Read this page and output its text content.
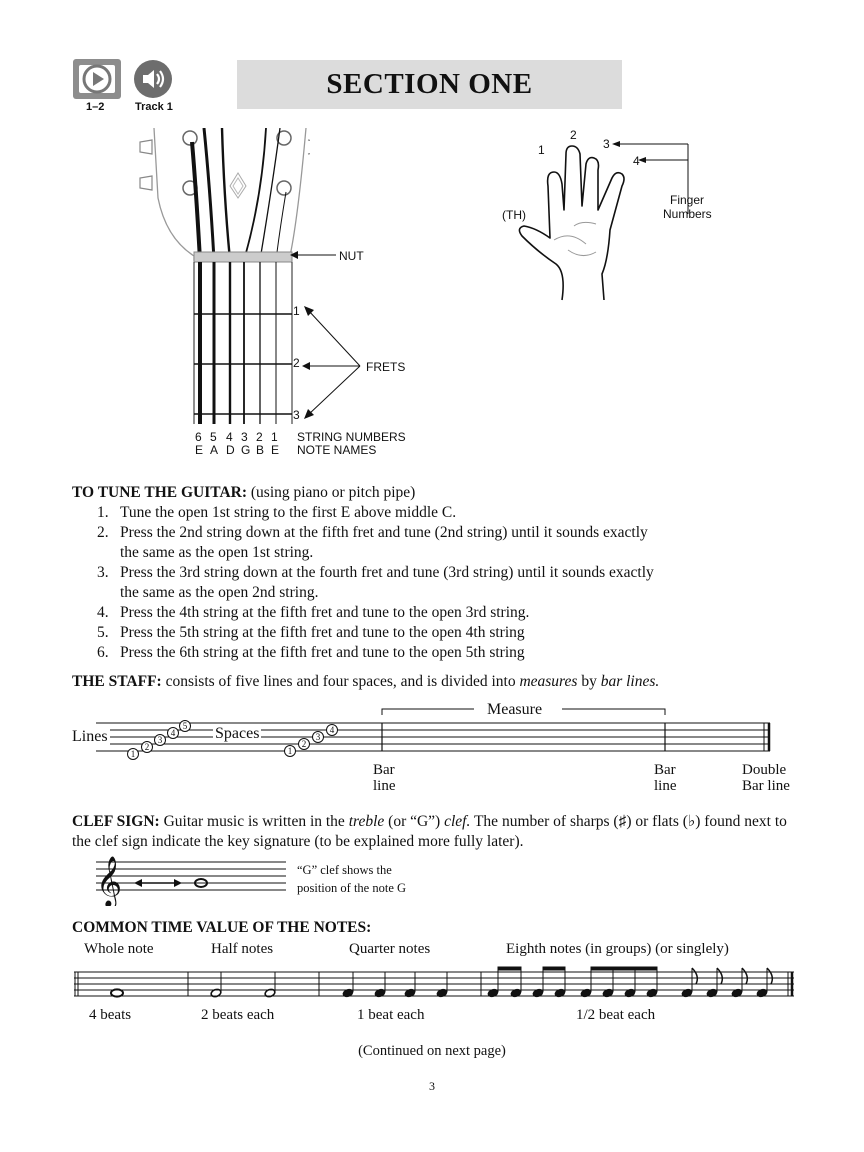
1–2	Track 1
SECTION ONE
NUT
1
2
3
FRETS
6 5 4 3 2 1
E A D G B E
STRING NUMBERS
NOTE NAMES
1
2
3
4
(TH)
Finger
Numbers
TO TUNE THE GUITAR: (using piano or pitch pipe)
1. Tune the open 1st string to the first E above middle C.
2. Press the 2nd string down at the fifth fret and tune (2nd string) until it sounds exactly the same as the open 1st string.
3. Press the 3rd string down at the fourth fret and tune (3rd string) until it sounds exactly the same as the open 2nd string.
4. Press the 4th string at the fifth fret and tune to the open 3rd string.
5. Press the 5th string at the fifth fret and tune to the open 4th string
6. Press the 6th string at the fifth fret and tune to the open 5th string
THE STAFF: consists of five lines and four spaces, and is divided into measures by bar lines.
1
2
3
4
5
1
2
3
4
Lines	Spaces
Measure
Bar
line
Bar
line
Double
Bar line
CLEF SIGN: Guitar music is written in the treble (or “G”) clef. The number of sharps (♯) or flats (♭) found next to the clef sign indicate the key signature (to be explained more fully later).
𝄞	“G” clef shows the
position of the note G
COMMON TIME VALUE OF THE NOTES:
Whole note	Half notes	Quarter notes	Eighth notes (in groups) (or singlely)
4 beats	2 beats each	1 beat each	1/2 beat each
(Continued on next page)
3
